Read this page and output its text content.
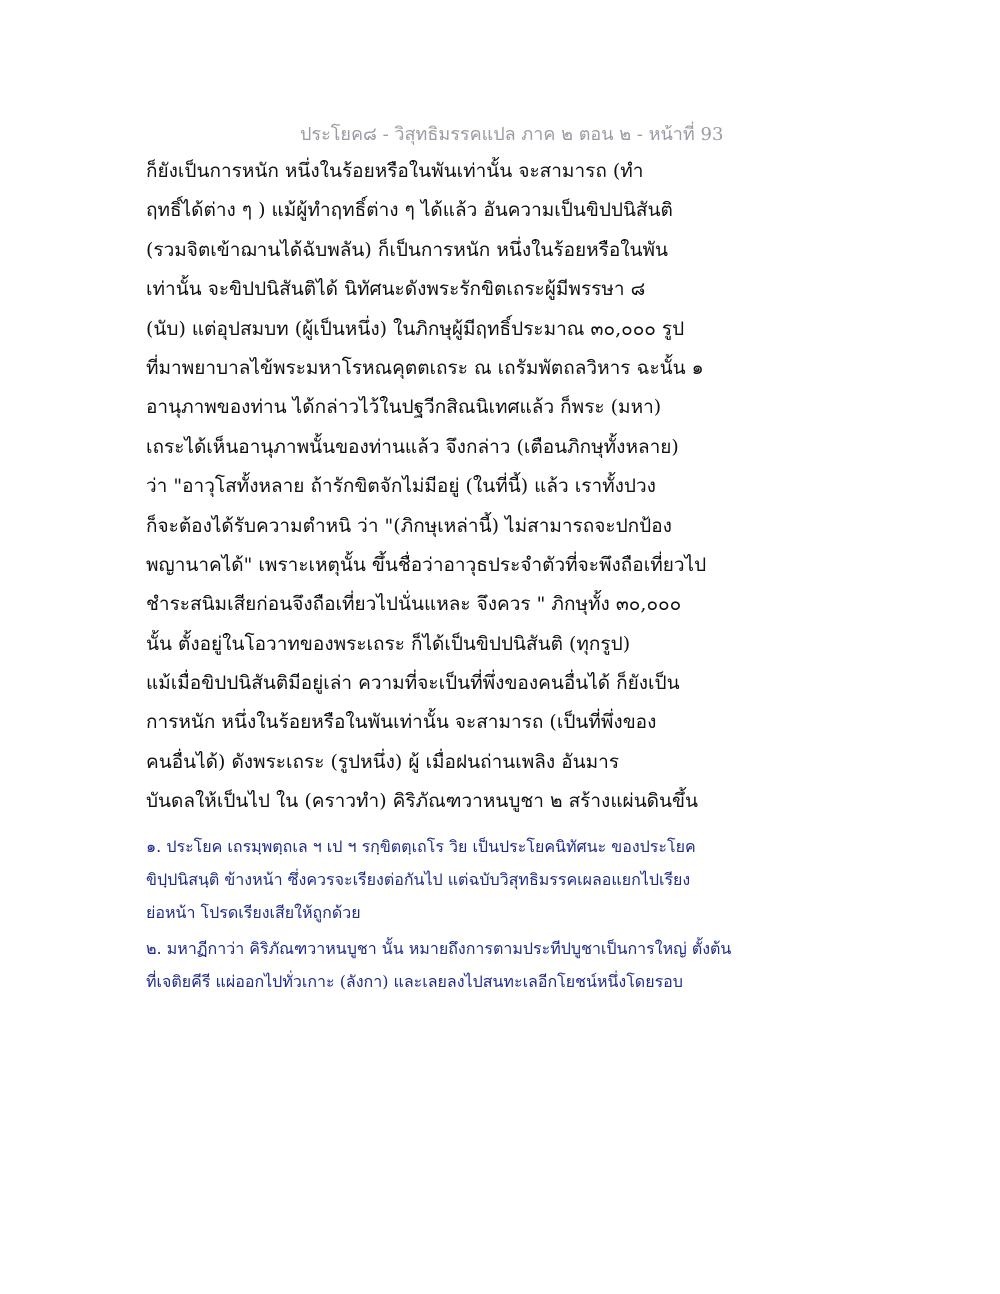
ประโยค๘ - วิสุทธิมรรคแปล ภาค ๒ ตอน ๒ - หน้าที่ 93
ก็ยังเป็นการหนัก หนึ่งในร้อยหรือในพันเท่านั้น จะสามารถ (ทำ
ฤทธิ์ได้ต่าง ๆ ) แม้ผู้ทำฤทธิ์ต่าง ๆ ได้แล้ว อันความเป็นขิปปนิสันติ
(รวมจิตเข้าฌานได้ฉับพลัน) ก็เป็นการหนัก หนึ่งในร้อยหรือในพัน
เท่านั้น จะขิปปนิสันติได้ นิทัศนะดังพระรักขิตเถระผู้มีพรรษา ๘
(นับ) แต่อุปสมบท (ผู้เป็นหนึ่ง) ในภิกษุผู้มีฤทธิ์ประมาณ ๓๐,๐๐๐ รูป
ที่มาพยาบาลไข้พระมหาโรหณคุตตเถระ ณ เถรัมพัตถลวิหาร ฉะนั้น ๑
อานุภาพของท่าน ได้กล่าวไว้ในปฐวีกสิณนิเทศแล้ว ก็พระ (มหา)
เถระได้เห็นอานุภาพนั้นของท่านแล้ว จึงกล่าว (เตือนภิกษุทั้งหลาย)
ว่า "อาวุโสทั้งหลาย ถ้ารักขิตจักไม่มีอยู่ (ในที่นี้) แล้ว เราทั้งปวง
ก็จะต้องได้รับความตำหนิ ว่า "(ภิกษุเหล่านี้) ไม่สามารถจะปกป้อง
พญานาคได้" เพราะเหตุนั้น ขึ้นชื่อว่าอาวุธประจำตัวที่จะพึงถือเที่ยวไป
ชำระสนิมเสียก่อนจึงถือเที่ยวไปนั่นแหละ จึงควร " ภิกษุทั้ง ๓๐,๐๐๐
นั้น ตั้งอยู่ในโอวาทของพระเถระ ก็ได้เป็นขิปปนิสันติ (ทุกรูป)
แม้เมื่อขิปปนิสันติมีอยู่เล่า ความที่จะเป็นที่พึ่งของคนอื่นได้ ก็ยังเป็น
การหนัก หนึ่งในร้อยหรือในพันเท่านั้น จะสามารถ (เป็นที่พึ่งของ
คนอื่นได้) ดังพระเถระ (รูปหนึ่ง) ผู้ เมื่อฝนถ่านเพลิง อันมาร
บันดลให้เป็นไป ใน (คราวทำ) คิริภัณฑวาหนบูชา ๒ สร้างแผ่นดินขึ้น
๑. ประโยค เถรมฺพตฺถเล ฯ เป ฯ รกฺขิตตฺเถโร วิย เป็นประโยคนิทัศนะ ของประโยค
ขิปฺปนิสนฺติ ข้างหน้า ซึ่งควรจะเรียงต่อกันไป แต่ฉบับวิสุทธิมรรคเผลอแยกไปเรียง
ย่อหน้า โปรดเรียงเสียให้ถูกด้วย
๒. มหาฏีกาว่า คิริภัณฑวาหนบูชา นั้น หมายถึงการตามประทีปบูชาเป็นการใหญ่ ตั้งต้น
ที่เจติยคีรี แผ่ออกไปทั่วเกาะ (ลังกา) และเลยลงไปสนทะเลอีกโยชน์หนึ่งโดยรอบ
